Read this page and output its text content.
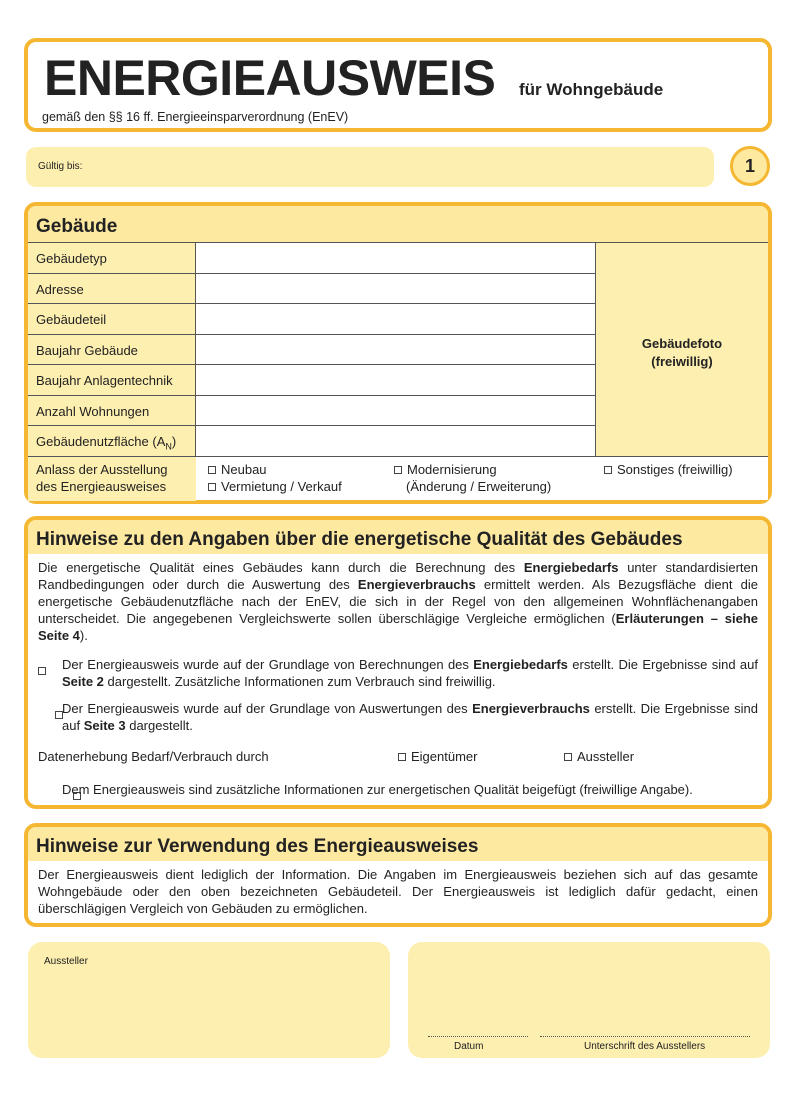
ENERGIEAUSWEIS für Wohngebäude
gemäß den §§ 16 ff. Energieeinsparverordnung (EnEV)
Gültig bis:	1
Gebäude
Gebäudetyp
Adresse
Gebäudeteil
Baujahr Gebäude
Baujahr Anlagentechnik
Anzahl Wohnungen
Gebäudenutzfläche $(A_N)$
Gebäudefoto
(freiwillig)
Anlass der Ausstellung
des Energieausweises
Neubau
Vermietung / Verkauf
Modernisierung
(Änderung / Erweiterung)
Sonstiges (freiwillig)
Hinweise zu den Angaben über die energetische Qualität des Gebäudes
Die energetische Qualität eines Gebäudes kann durch die Berechnung des Energiebedarfs unter standardisierten Randbedingungen oder durch die Auswertung des Energieverbrauchs ermittelt werden. Als Bezugsfläche dient die energetische Gebäudenutzfläche nach der EnEV, die sich in der Regel von den allgemeinen Wohnflächenangaben unterscheidet. Die angegebenen Vergleichswerte sollen überschlägige Vergleiche ermöglichen (Erläuterungen – siehe Seite 4).

Der Energieausweis wurde auf der Grundlage von Berechnungen des Energiebedarfs erstellt. Die Ergebnisse sind auf Seite 2 dargestellt. Zusätzliche Informationen zum Verbrauch sind freiwillig.

Der Energieausweis wurde auf der Grundlage von Auswertungen des Energieverbrauchs erstellt. Die Ergebnisse sind auf Seite 3 dargestellt.
Datenerhebung Bedarf/Verbrauch durch	Eigentümer	Aussteller
Dem Energieausweis sind zusätzliche Informationen zur energetischen Qualität beigefügt (freiwillige Angabe).
Hinweise zur Verwendung des Energieausweises
Der Energieausweis dient lediglich der Information. Die Angaben im Energieausweis beziehen sich auf das gesamte Wohngebäude oder den oben bezeichneten Gebäudeteil. Der Energieausweis ist lediglich dafür gedacht, einen überschlägigen Vergleich von Gebäuden zu ermöglichen.
Aussteller
Datum	Unterschrift des Ausstellers
